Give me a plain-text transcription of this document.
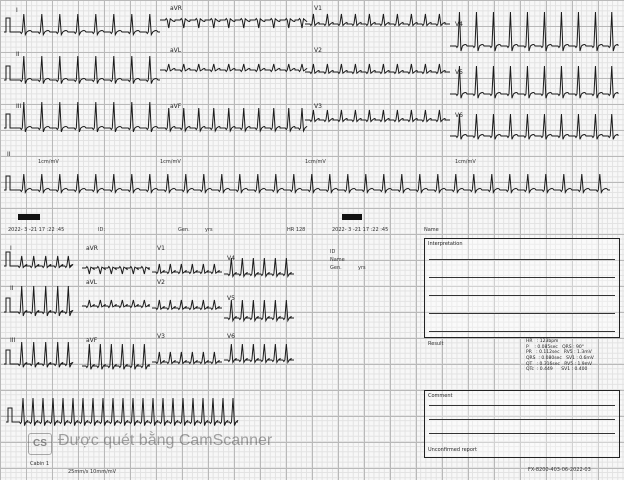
I	aVR	V1
V4
II
aVL	V2
V5
III	aVF	V3
V6
II
1cm/mV	1cm/mV	1cm/mV	1cm/mV
2022- 3 -21 17 :22 :45	ID:	Gen.	yrs	HR 128	2022- 3 -21 17 :22 :45	Name
I	aVR	V1
V4
II
aVL	V2
V5
III	aVF
V3	V6
ID
Name
Gen.	yrs
Interpretation
Result	HR   : 123bpm
P    : 0.085sec   QRS : 90°
PR   : 0.112sec   RV5 : 1.3mV
QRS  : 0.080sec   SV1 : 0.6mV
QT   : 0.316sec   RV5 : 1.9mV
QTc  : 0.449      SV1 : 0.400
Comment
Unconfirmed report
Cabin 1
25mm/s 10mm/mV	FX-8200-403-06-2022-03
CS Được quét bằng CamScanner
